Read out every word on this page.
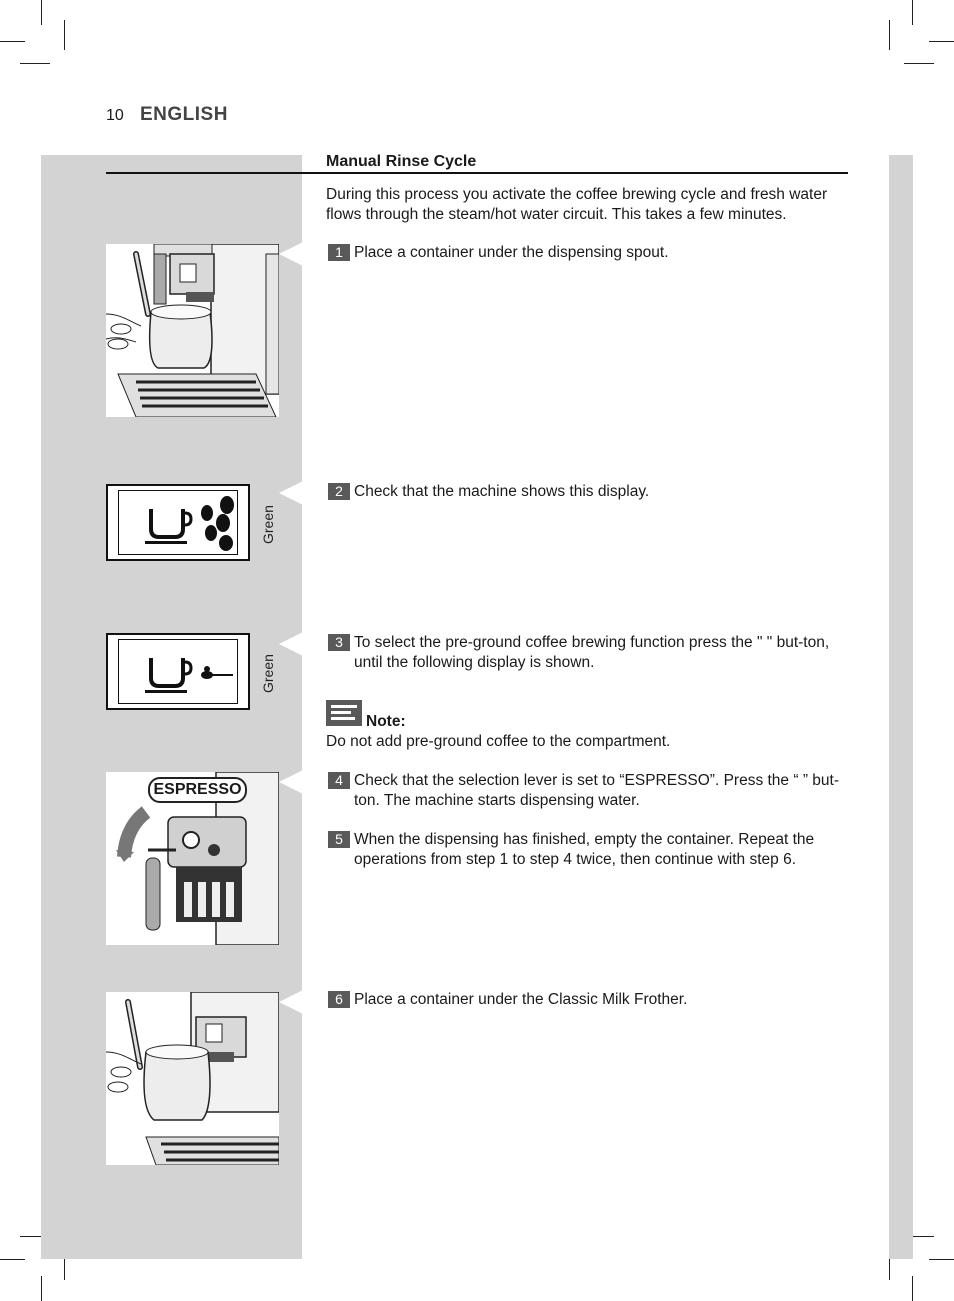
10 ENGLISH
Manual Rinse Cycle
During this process you activate the coffee brewing cycle and fresh water flows through the steam/hot water circuit. This takes a few minutes.
1 Place a container under the dispensing spout.
Green
2 Check that the machine shows this display.
Green
3 To select the pre-ground coffee brewing function press the " " but-ton, until the following display is shown.
Note:
Do not add pre-ground coffee to the compartment.
ESPRESSO
4 Check that the selection lever is set to “ESPRESSO”. Press the “ ” but-ton. The machine starts dispensing water.
5 When the dispensing has finished, empty the container. Repeat the operations from step 1 to step 4 twice, then continue with step 6.
6 Place a container under the Classic Milk Frother.
